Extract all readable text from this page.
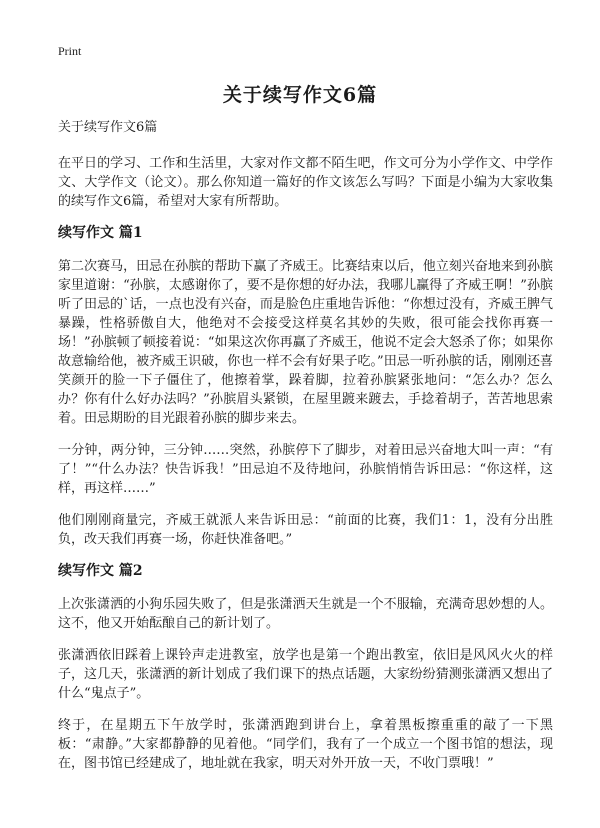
Print
关于续写作文6篇

关于续写作文6篇

在平日的学习、工作和生活里，大家对作文都不陌生吧，作文可分为小学作文、中学作文、大学作文（论文）。那么你知道一篇好的作文该怎么写吗？下面是小编为大家收集的续写作文6篇，希望对大家有所帮助。

续写作文 篇1

第二次赛马，田忌在孙膑的帮助下赢了齐威王。比赛结束以后，他立刻兴奋地来到孙膑家里道谢：“孙膑，太感谢你了，要不是你想的好办法，我哪儿赢得了齐威王啊！”孙膑听了田忌的`话，一点也没有兴奋，而是脸色庄重地告诉他：“你想过没有，齐威王脾气暴躁，性格骄傲自大，他绝对不会接受这样莫名其妙的失败，很可能会找你再赛一场！”孙膑顿了顿接着说：“如果这次你再赢了齐威王，他说不定会大怒杀了你；如果你故意输给他，被齐威王识破，你也一样不会有好果子吃。”田忌一听孙膑的话，刚刚还喜笑颜开的脸一下子僵住了，他擦着掌，跺着脚，拉着孙膑紧张地问：“怎么办？怎么办？你有什么好办法吗？”孙膑眉头紧锁，在屋里踱来踱去，手捻着胡子，苦苦地思索着。田忌期盼的目光跟着孙膑的脚步来去。

一分钟，两分钟，三分钟……突然，孙膑停下了脚步，对着田忌兴奋地大叫一声：“有了！”“什么办法？快告诉我！”田忌迫不及待地问，孙膑悄悄告诉田忌：“你这样，这样，再这样……”

他们刚刚商量完，齐威王就派人来告诉田忌：“前面的比赛，我们1：1，没有分出胜负，改天我们再赛一场，你赶快准备吧。”

续写作文 篇2

上次张潇洒的小狗乐园失败了，但是张潇洒天生就是一个不服输，充满奇思妙想的人。这不，他又开始酝酿自己的新计划了。

张潇洒依旧踩着上课铃声走进教室，放学也是第一个跑出教室，依旧是风风火火的样子，这几天，张潇洒的新计划成了我们课下的热点话题，大家纷纷猜测张潇洒又想出了什么“鬼点子”。

终于，在星期五下午放学时，张潇洒跑到讲台上，拿着黑板擦重重的敲了一下黑板：“肃静。”大家都静静的见着他。“同学们，我有了一个成立一个图书馆的想法，现在，图书馆已经建成了，地址就在我家，明天对外开放一天，不收门票哦！”
